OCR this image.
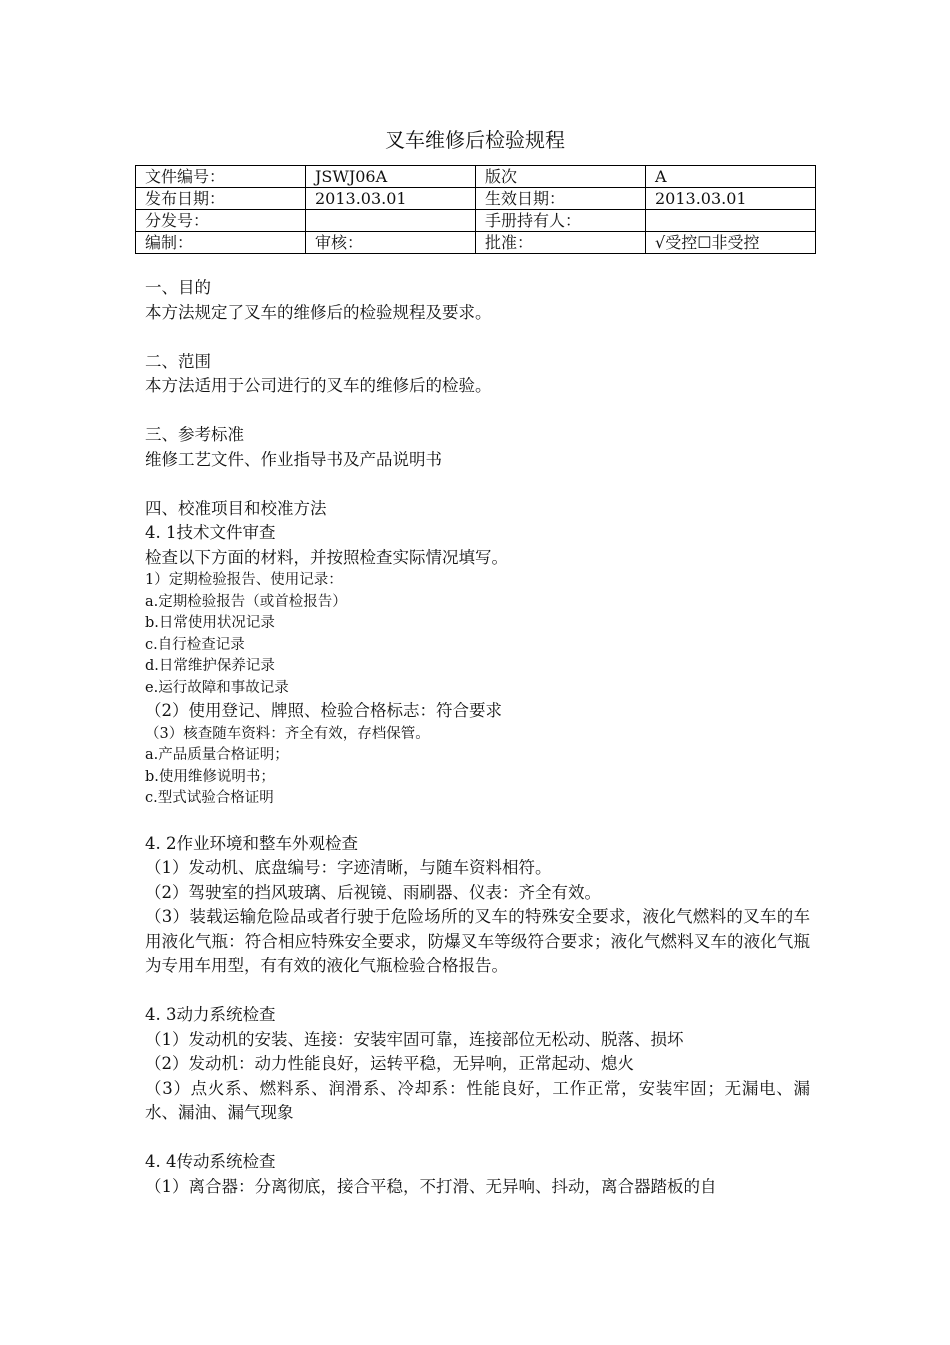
叉车维修后检验规程
文件编号：	JSWJ06A	版次	A
发布日期：	2013.03.01	生效日期：	2013.03.01
分发号：		手册持有人：	
编制：	审核：	批准：	√受控☐非受控
一、目的
本方法规定了叉车的维修后的检验规程及要求。
二、范围
本方法适用于公司进行的叉车的维修后的检验。
三、参考标准
维修工艺文件、作业指导书及产品说明书
四、校准项目和校准方法
4. 1技术文件审查
检查以下方面的材料，并按照检查实际情况填写。
1）定期检验报告、使用记录：
a.定期检验报告（或首检报告）
b.日常使用状况记录
c.自行检查记录
d.日常维护保养记录
e.运行故障和事故记录
（2）使用登记、牌照、检验合格标志：符合要求
（3）核查随车资料：齐全有效，存档保管。
a.产品质量合格证明；
b.使用维修说明书；
c.型式试验合格证明
4. 2作业环境和整车外观检查
（1）发动机、底盘编号：字迹清晰，与随车资料相符。
（2）驾驶室的挡风玻璃、后视镜、雨刷器、仪表：齐全有效。
（3）装载运输危险品或者行驶于危险场所的叉车的特殊安全要求，液化气燃料的叉车的车用液化气瓶：符合相应特殊安全要求，防爆叉车等级符合要求；液化气燃料叉车的液化气瓶为专用车用型，有有效的液化气瓶检验合格报告。
4. 3动力系统检查
（1）发动机的安装、连接：安装牢固可靠，连接部位无松动、脱落、损坏
（2）发动机：动力性能良好，运转平稳，无异响，正常起动、熄火
（3）点火系、燃料系、润滑系、冷却系：性能良好，工作正常，安装牢固；无漏电、漏水、漏油、漏气现象
4. 4传动系统检查
（1）离合器：分离彻底，接合平稳，不打滑、无异响、抖动，离合器踏板的自
